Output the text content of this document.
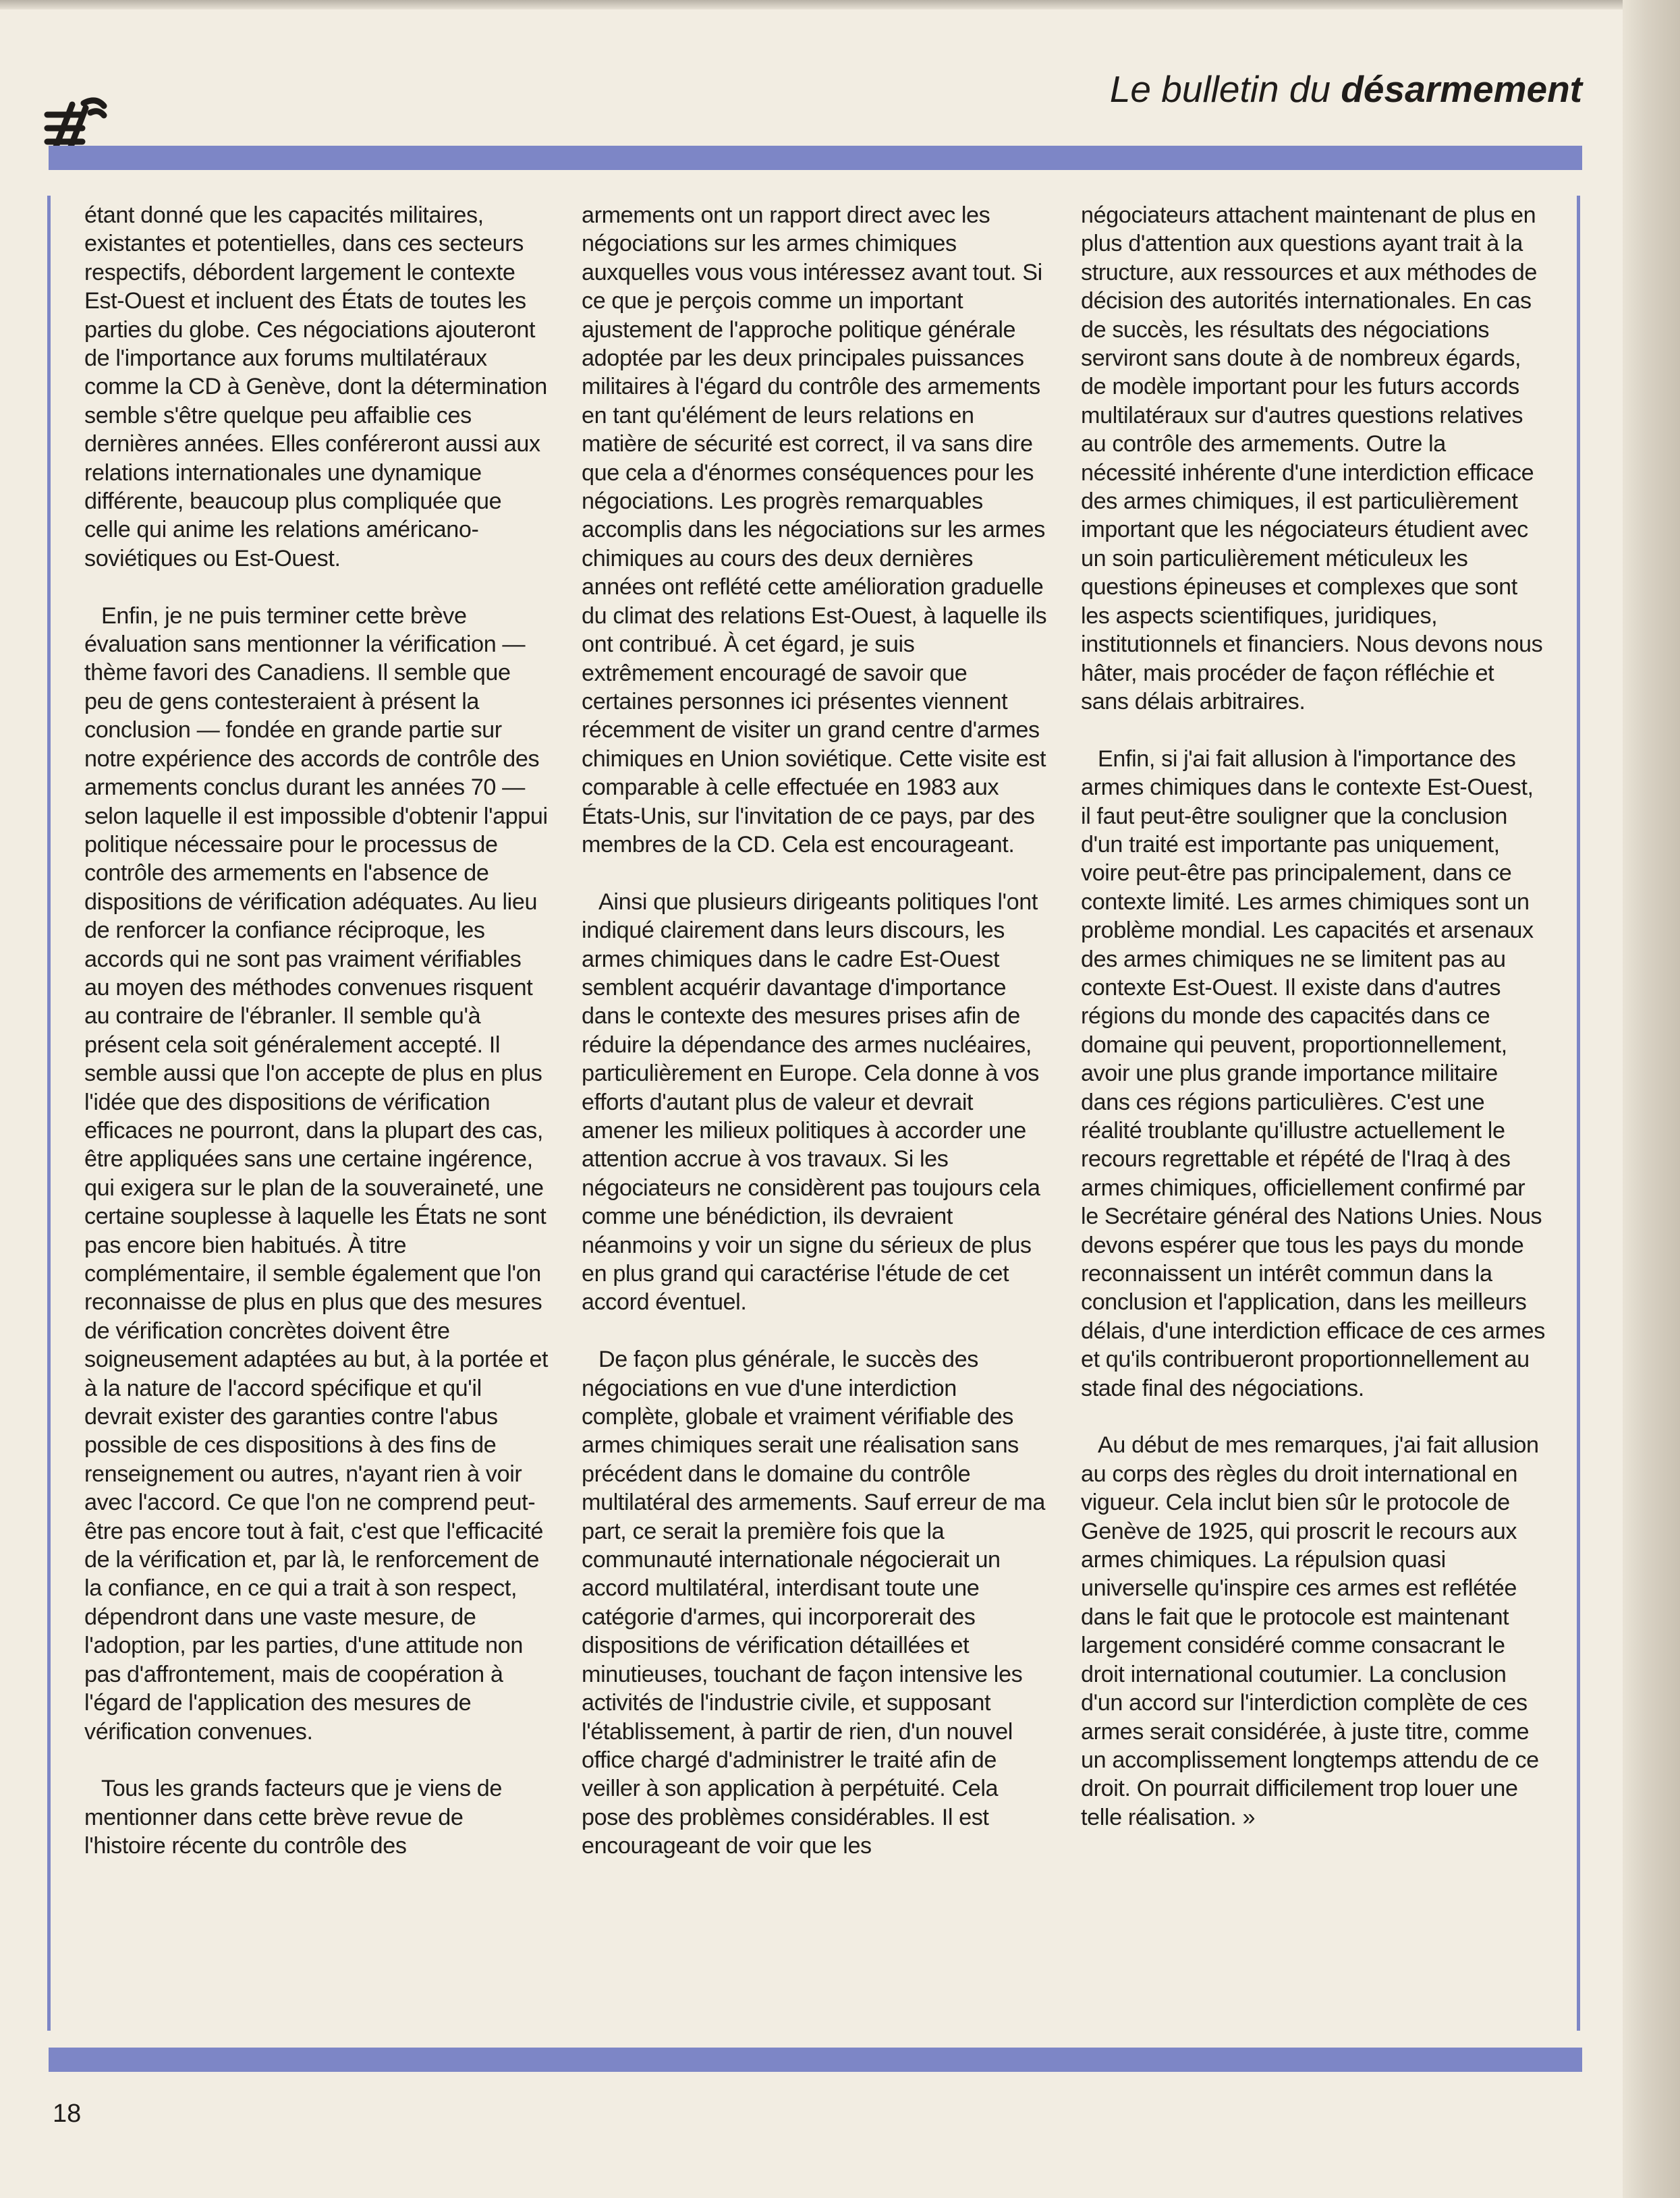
Le bulletin du désarmement

étant donné que les capacités militaires, existantes et potentielles, dans ces secteurs respectifs, débordent largement le contexte Est-Ouest et incluent des États de toutes les parties du globe. Ces négociations ajouteront de l'importance aux forums multilatéraux comme la CD à Genève, dont la détermination semble s'être quelque peu affaiblie ces dernières années. Elles conféreront aussi aux relations internationales une dynamique différente, beaucoup plus compliquée que celle qui anime les relations américano-soviétiques ou Est-Ouest.

Enfin, je ne puis terminer cette brève évaluation sans mentionner la vérification — thème favori des Canadiens. Il semble que peu de gens contesteraient à présent la conclusion — fondée en grande partie sur notre expérience des accords de contrôle des armements conclus durant les années 70 — selon laquelle il est impossible d'obtenir l'appui politique nécessaire pour le processus de contrôle des armements en l'absence de dispositions de vérification adéquates. Au lieu de renforcer la confiance réciproque, les accords qui ne sont pas vraiment vérifiables au moyen des méthodes convenues risquent au contraire de l'ébranler. Il semble qu'à présent cela soit généralement accepté. Il semble aussi que l'on accepte de plus en plus l'idée que des dispositions de vérification efficaces ne pourront, dans la plupart des cas, être appliquées sans une certaine ingérence, qui exigera sur le plan de la souveraineté, une certaine souplesse à laquelle les États ne sont pas encore bien habitués. À titre complémentaire, il semble également que l'on reconnaisse de plus en plus que des mesures de vérification concrètes doivent être soigneusement adaptées au but, à la portée et à la nature de l'accord spécifique et qu'il devrait exister des garanties contre l'abus possible de ces dispositions à des fins de renseignement ou autres, n'ayant rien à voir avec l'accord. Ce que l'on ne comprend peut-être pas encore tout à fait, c'est que l'efficacité de la vérification et, par là, le renforcement de la confiance, en ce qui a trait à son respect, dépendront dans une vaste mesure, de l'adoption, par les parties, d'une attitude non pas d'affrontement, mais de coopération à l'égard de l'application des mesures de vérification convenues.

Tous les grands facteurs que je viens de mentionner dans cette brève revue de l'histoire récente du contrôle des

armements ont un rapport direct avec les négociations sur les armes chimiques auxquelles vous vous intéressez avant tout. Si ce que je perçois comme un important ajustement de l'approche politique générale adoptée par les deux principales puissances militaires à l'égard du contrôle des armements en tant qu'élément de leurs relations en matière de sécurité est correct, il va sans dire que cela a d'énormes conséquences pour les négociations. Les progrès remarquables accomplis dans les négociations sur les armes chimiques au cours des deux dernières années ont reflété cette amélioration graduelle du climat des relations Est-Ouest, à laquelle ils ont contribué. À cet égard, je suis extrêmement encouragé de savoir que certaines personnes ici présentes viennent récemment de visiter un grand centre d'armes chimiques en Union soviétique. Cette visite est comparable à celle effectuée en 1983 aux États-Unis, sur l'invitation de ce pays, par des membres de la CD. Cela est encourageant.

Ainsi que plusieurs dirigeants politiques l'ont indiqué clairement dans leurs discours, les armes chimiques dans le cadre Est-Ouest semblent acquérir davantage d'importance dans le contexte des mesures prises afin de réduire la dépendance des armes nucléaires, particulièrement en Europe. Cela donne à vos efforts d'autant plus de valeur et devrait amener les milieux politiques à accorder une attention accrue à vos travaux. Si les négociateurs ne considèrent pas toujours cela comme une bénédiction, ils devraient néanmoins y voir un signe du sérieux de plus en plus grand qui caractérise l'étude de cet accord éventuel.

De façon plus générale, le succès des négociations en vue d'une interdiction complète, globale et vraiment vérifiable des armes chimiques serait une réalisation sans précédent dans le domaine du contrôle multilatéral des armements. Sauf erreur de ma part, ce serait la première fois que la communauté internationale négocierait un accord multilatéral, interdisant toute une catégorie d'armes, qui incorporerait des dispositions de vérification détaillées et minutieuses, touchant de façon intensive les activités de l'industrie civile, et supposant l'établissement, à partir de rien, d'un nouvel office chargé d'administrer le traité afin de veiller à son application à perpétuité. Cela pose des problèmes considérables. Il est encourageant de voir que les

négociateurs attachent maintenant de plus en plus d'attention aux questions ayant trait à la structure, aux ressources et aux méthodes de décision des autorités internationales. En cas de succès, les résultats des négociations serviront sans doute à de nombreux égards, de modèle important pour les futurs accords multilatéraux sur d'autres questions relatives au contrôle des armements. Outre la nécessité inhérente d'une interdiction efficace des armes chimiques, il est particulièrement important que les négociateurs étudient avec un soin particulièrement méticuleux les questions épineuses et complexes que sont les aspects scientifiques, juridiques, institutionnels et financiers. Nous devons nous hâter, mais procéder de façon réfléchie et sans délais arbitraires.

Enfin, si j'ai fait allusion à l'importance des armes chimiques dans le contexte Est-Ouest, il faut peut-être souligner que la conclusion d'un traité est importante pas uniquement, voire peut-être pas principalement, dans ce contexte limité. Les armes chimiques sont un problème mondial. Les capacités et arsenaux des armes chimiques ne se limitent pas au contexte Est-Ouest. Il existe dans d'autres régions du monde des capacités dans ce domaine qui peuvent, proportionnellement, avoir une plus grande importance militaire dans ces régions particulières. C'est une réalité troublante qu'illustre actuellement le recours regrettable et répété de l'Iraq à des armes chimiques, officiellement confirmé par le Secrétaire général des Nations Unies. Nous devons espérer que tous les pays du monde reconnaissent un intérêt commun dans la conclusion et l'application, dans les meilleurs délais, d'une interdiction efficace de ces armes et qu'ils contribueront proportionnellement au stade final des négociations.

Au début de mes remarques, j'ai fait allusion au corps des règles du droit international en vigueur. Cela inclut bien sûr le protocole de Genève de 1925, qui proscrit le recours aux armes chimiques. La répulsion quasi universelle qu'inspire ces armes est reflétée dans le fait que le protocole est maintenant largement considéré comme consacrant le droit international coutumier. La conclusion d'un accord sur l'interdiction complète de ces armes serait considérée, à juste titre, comme un accomplissement longtemps attendu de ce droit. On pourrait difficilement trop louer une telle réalisation. »

18
